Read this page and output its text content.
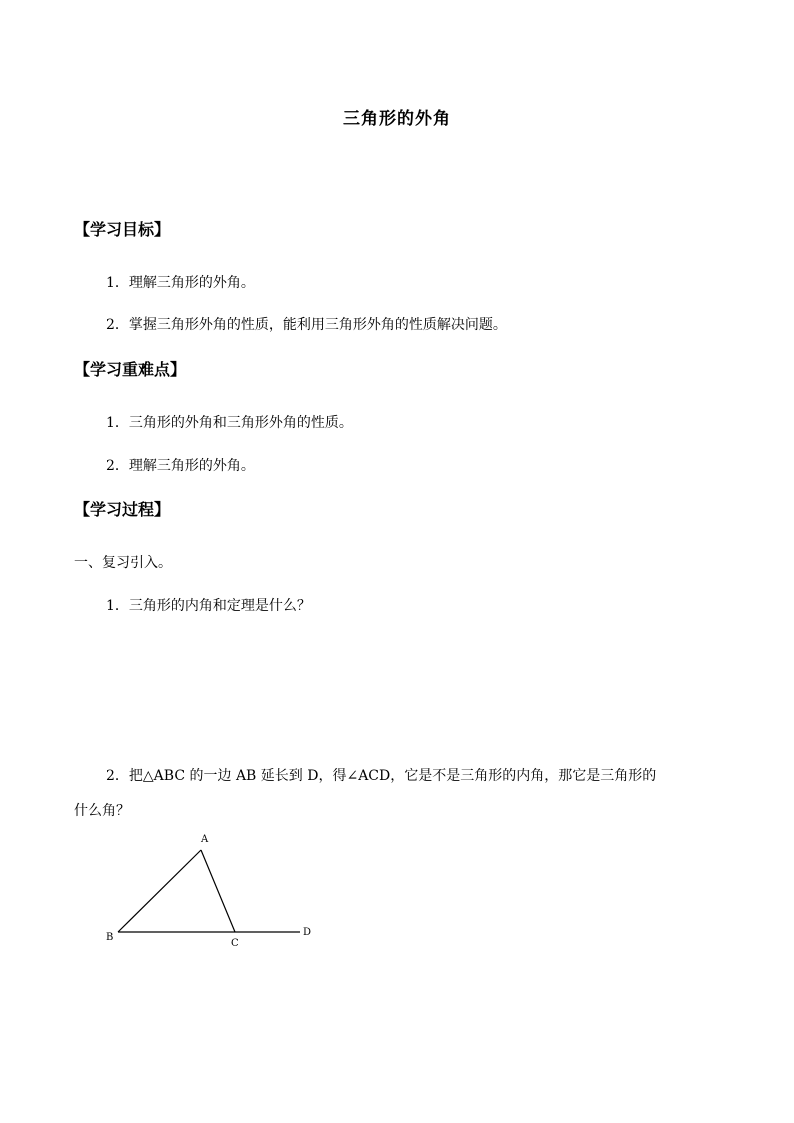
三角形的外角
【学习目标】
1．理解三角形的外角。
2．掌握三角形外角的性质，能利用三角形外角的性质解决问题。
【学习重难点】
1．三角形的外角和三角形外角的性质。
2．理解三角形的外角。
【学习过程】
一、复习引入。
1．三角形的内角和定理是什么？
2．把△ABC 的一边 AB 延长到 D，得∠ACD，它是不是三角形的内角，那它是三角形的
什么角？
A
B
C
D
